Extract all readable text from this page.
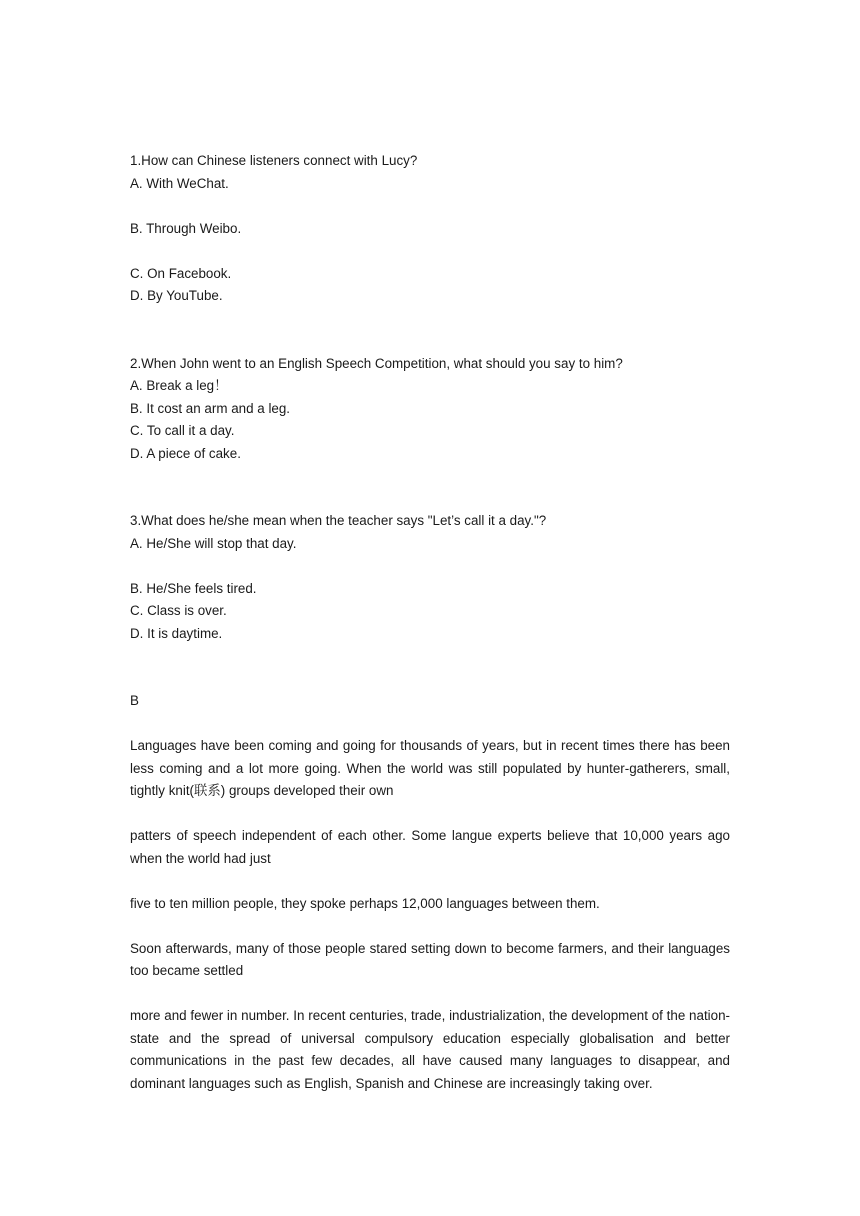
1.How can Chinese listeners connect with Lucy?
A. With WeChat.
B. Through Weibo.
C. On Facebook.
D. By YouTube.
2.When John went to an English Speech Competition, what should you say to him?
A. Break a leg！
B. It cost an arm and a leg.
C. To call it a day.
D. A piece of cake.
3.What does he/she mean when the teacher says "Let’s call it a day."?
A. He/She will stop that day.
B. He/She feels tired.
C. Class is over.
D. It is daytime.
B
Languages have been coming and going for thousands of years, but in recent times there has been less coming and a lot more going. When the world was still populated by hunter-gatherers, small, tightly knit(联系) groups developed their own
patters of speech independent of each other. Some langue experts believe that 10,000 years ago when the world had just
five to ten million people, they spoke perhaps 12,000 languages between them.
Soon afterwards, many of those people stared setting down to become farmers, and their languages too became settled
more and fewer in number. In recent centuries, trade, industrialization, the development of the nation-state and the spread of universal compulsory education especially globalisation and better communications in the past few decades, all have caused many languages to disappear, and dominant languages such as English, Spanish and Chinese are increasingly taking over.
